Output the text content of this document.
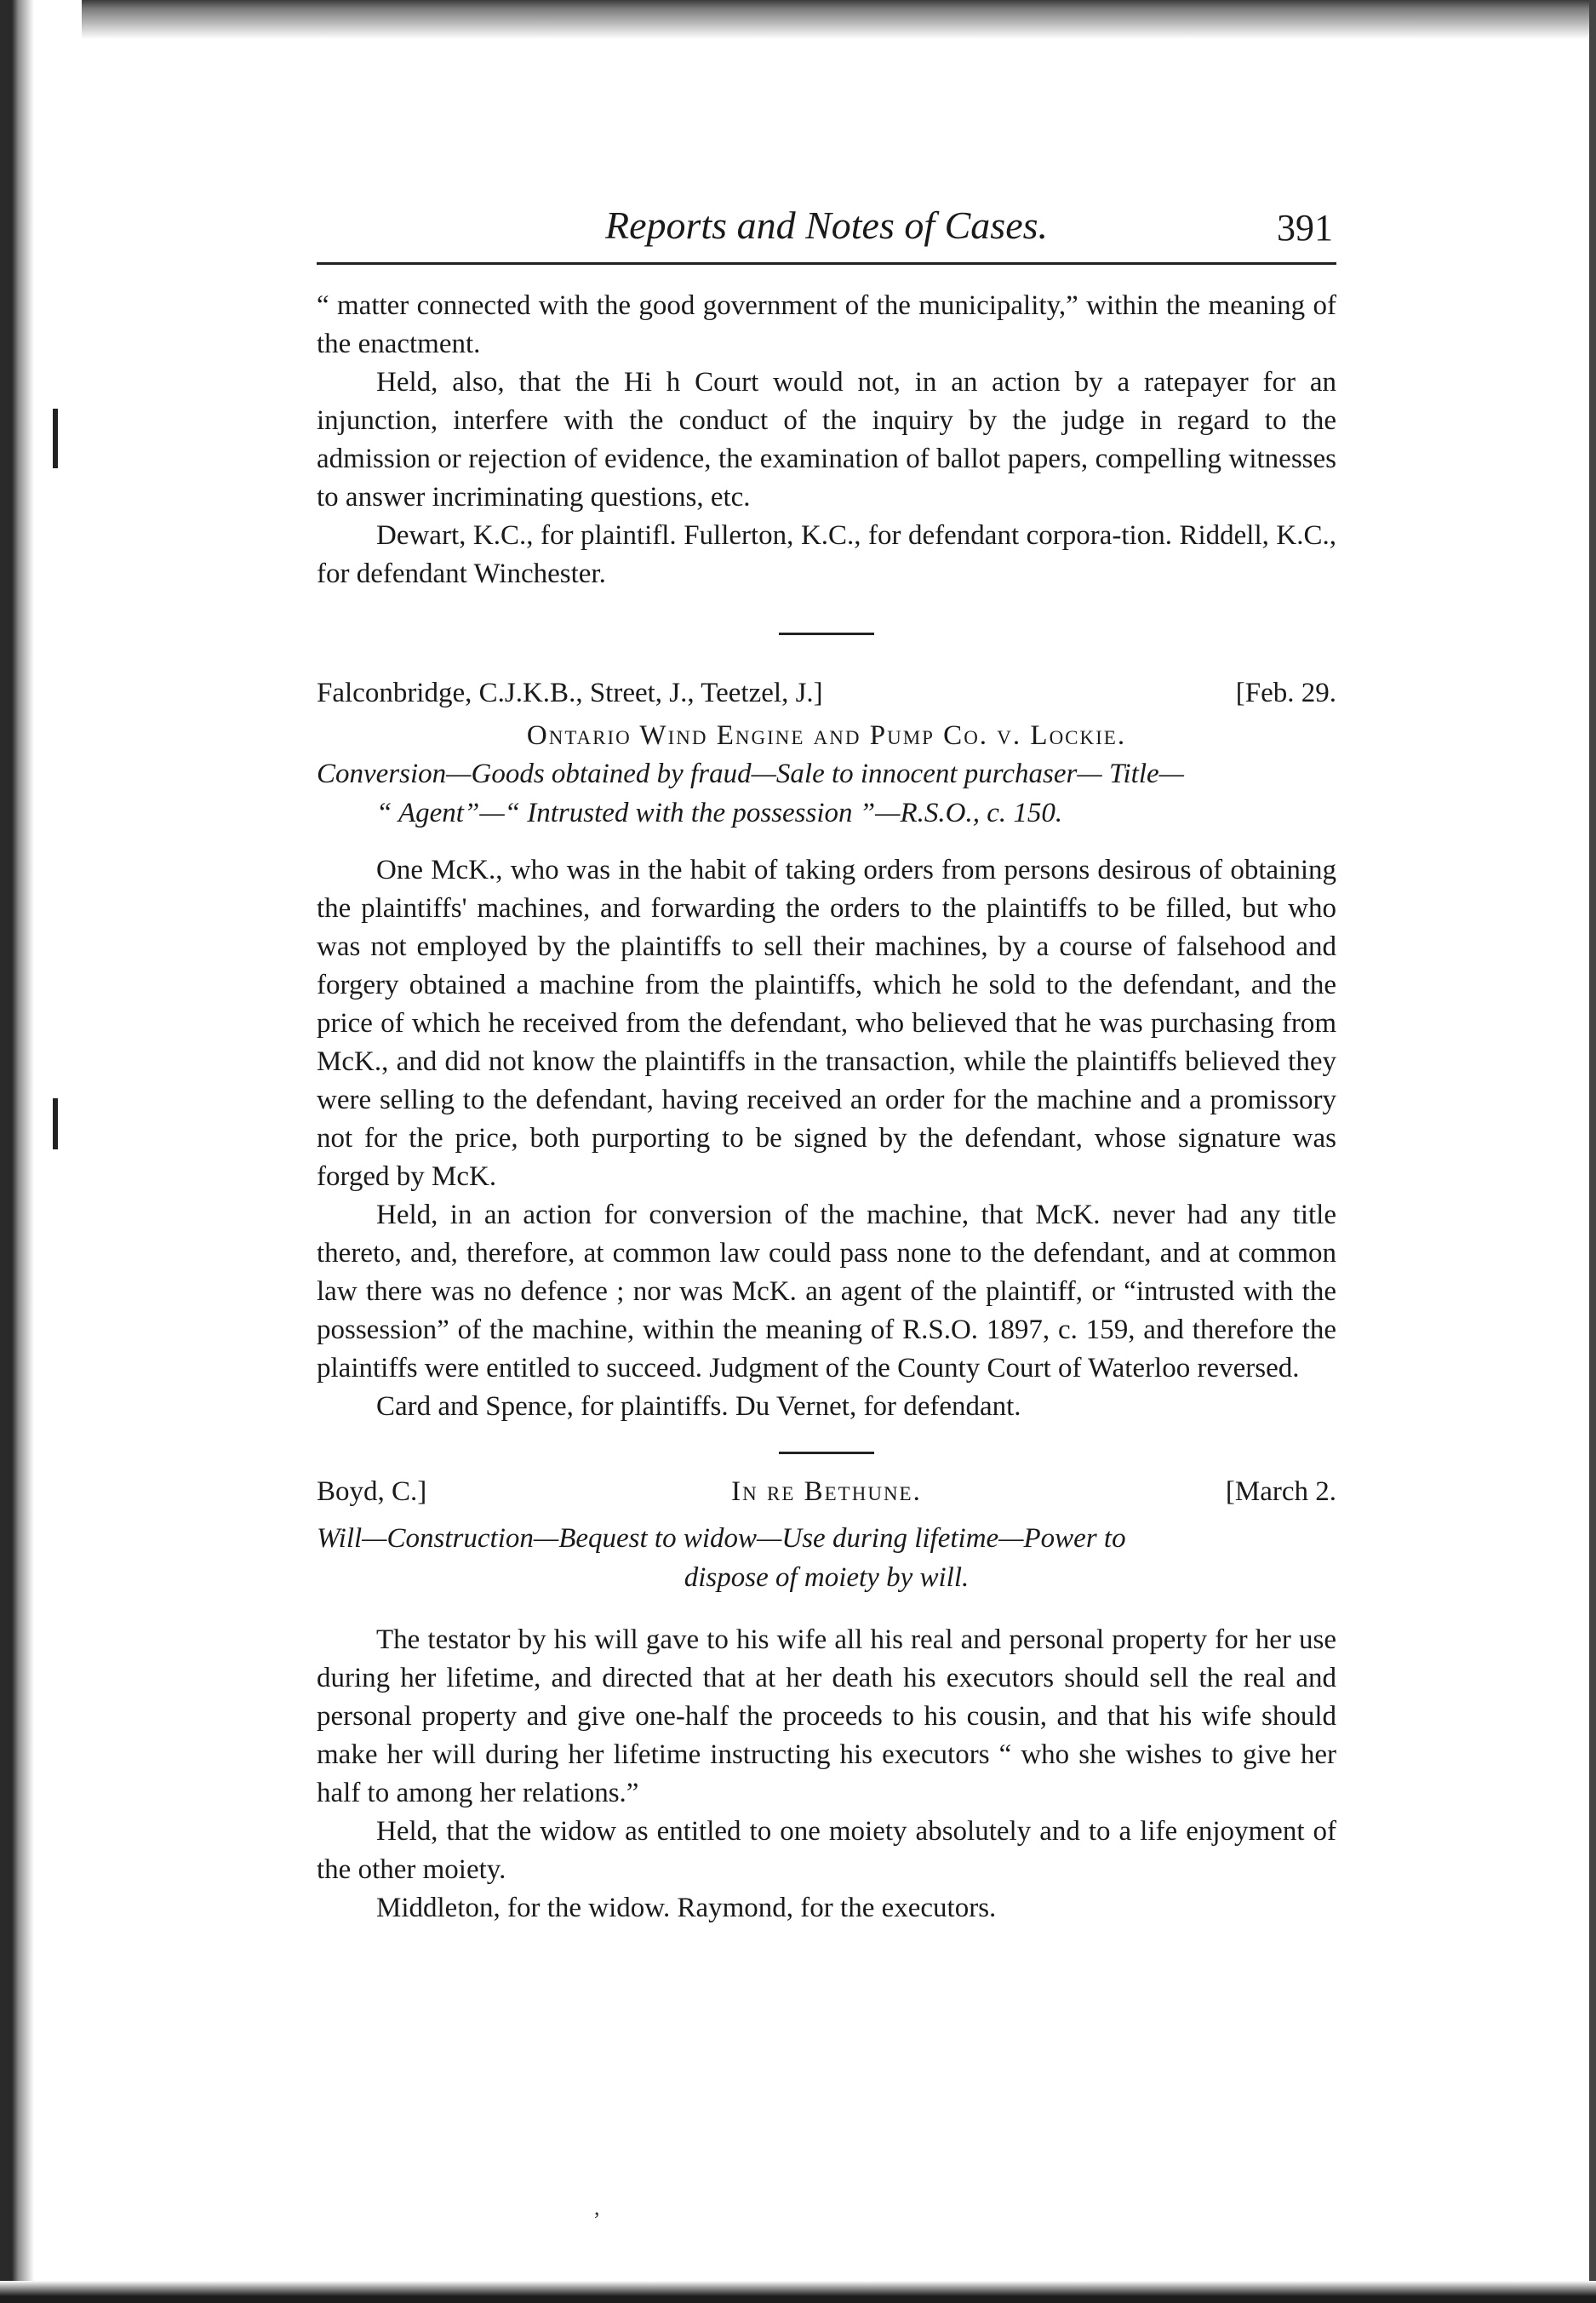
Reports and Notes of Cases.	391

“ matter connected with the good government of the municipality,” within the meaning of the enactment.

Held, also, that the Hi h Court would not, in an action by a ratepayer for an injunction, interfere with the conduct of the inquiry by the judge in regard to the admission or rejection of evidence, the examination of ballot papers, compelling witnesses to answer incriminating questions, etc.

Dewart, K.C., for plaintifl. Fullerton, K.C., for defendant corpora-tion. Riddell, K.C., for defendant Winchester.

Falconbridge, C.J.K.B., Street, J., Teetzel, J.]	[Feb. 29.
Ontario Wind Engine and Pump Co. v. Lockie.
Conversion—Goods obtained by fraud—Sale to innocent purchaser— Title—
“ Agent”—“ Intrusted with the possession ”—R.S.O., c. 150.

One McK., who was in the habit of taking orders from persons desirous of obtaining the plaintiffs' machines, and forwarding the orders to the plaintiffs to be filled, but who was not employed by the plaintiffs to sell their machines, by a course of falsehood and forgery obtained a machine from the plaintiffs, which he sold to the defendant, and the price of which he received from the defendant, who believed that he was purchasing from McK., and did not know the plaintiffs in the transaction, while the plaintiffs believed they were selling to the defendant, having received an order for the machine and a promissory not for the price, both purporting to be signed by the defendant, whose signature was forged by McK.

Held, in an action for conversion of the machine, that McK. never had any title thereto, and, therefore, at common law could pass none to the defendant, and at common law there was no defence ; nor was McK. an agent of the plaintiff, or “intrusted with the possession” of the machine, within the meaning of R.S.O. 1897, c. 159, and therefore the plaintiffs were entitled to succeed. Judgment of the County Court of Waterloo reversed.

Card and Spence, for plaintiffs. Du Vernet, for defendant.

Boyd, C.]	In re Bethune.	[March 2.
Will—Construction—Bequest to widow—Use during lifetime—Power to
dispose of moiety by will.

The testator by his will gave to his wife all his real and personal property for her use during her lifetime, and directed that at her death his executors should sell the real and personal property and give one-half the proceeds to his cousin, and that his wife should make her will during her lifetime instructing his executors “ who she wishes to give her half to among her relations.”

Held, that the widow as entitled to one moiety absolutely and to a life enjoyment of the other moiety.

Middleton, for the widow. Raymond, for the executors.

,
